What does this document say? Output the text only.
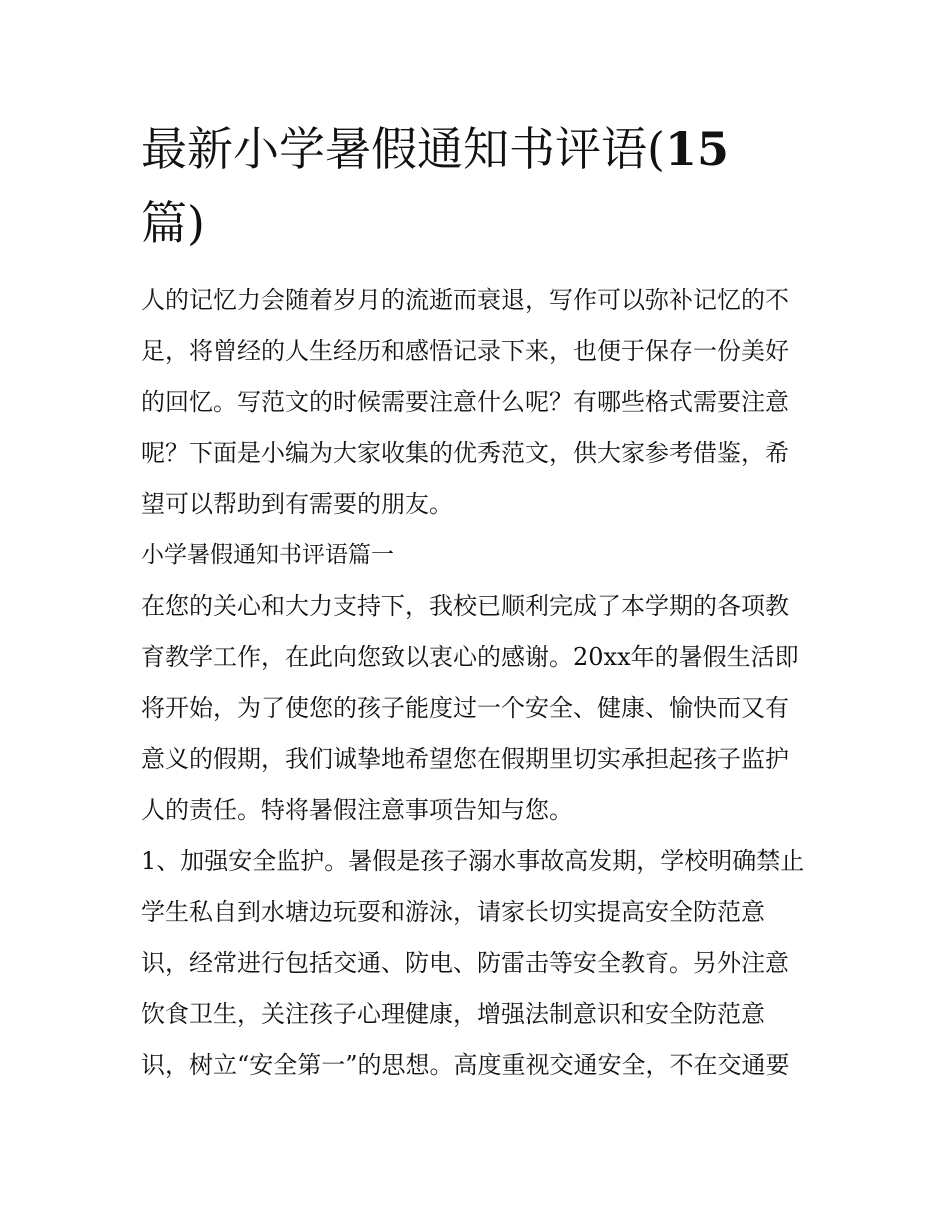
最新小学暑假通知书评语(15
篇)

人的记忆力会随着岁月的流逝而衰退，写作可以弥补记忆的不足，将曾经的人生经历和感悟记录下来，也便于保存一份美好的回忆。写范文的时候需要注意什么呢？有哪些格式需要注意呢？下面是小编为大家收集的优秀范文，供大家参考借鉴，希望可以帮助到有需要的朋友。

小学暑假通知书评语篇一

在您的关心和大力支持下，我校已顺利完成了本学期的各项教育教学工作，在此向您致以衷心的感谢。20xx年的暑假生活即将开始，为了使您的孩子能度过一个安全、健康、愉快而又有意义的假期，我们诚挚地希望您在假期里切实承担起孩子监护人的责任。特将暑假注意事项告知与您。

1、加强安全监护。暑假是孩子溺水事故高发期，学校明确禁止学生私自到水塘边玩耍和游泳，请家长切实提高安全防范意识，经常进行包括交通、防电、防雷击等安全教育。另外注意饮食卫生，关注孩子心理健康，增强法制意识和安全防范意识，树立“安全第一”的思想。高度重视交通安全，不在交通要
